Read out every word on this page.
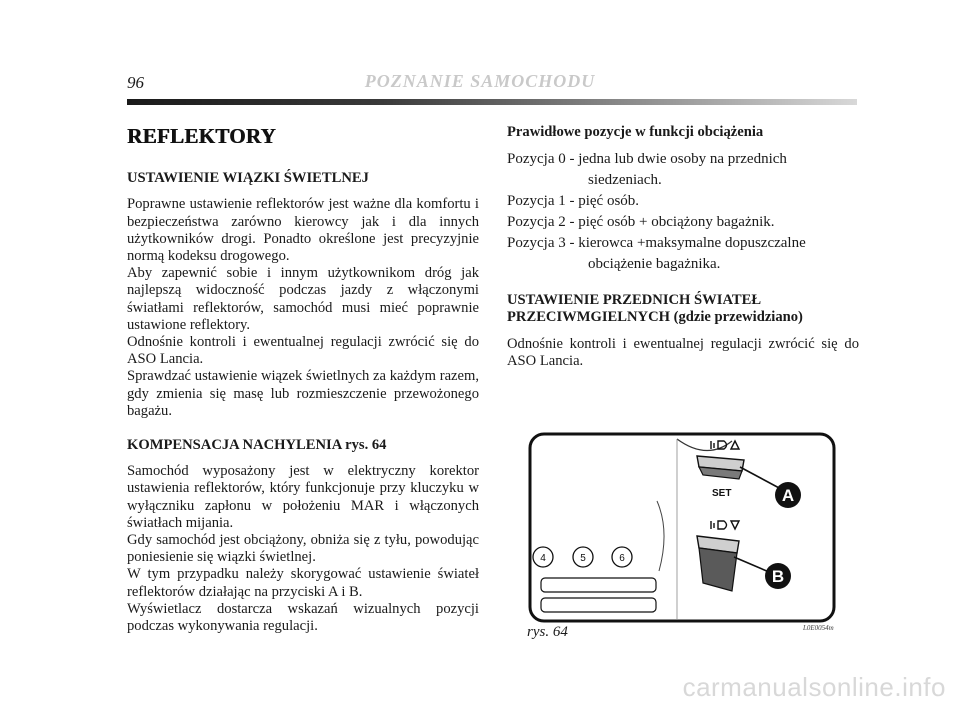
96	POZNANIE SAMOCHODU
REFLEKTORY
USTAWIENIE WIĄZKI ŚWIETLNEJ

Poprawne ustawienie reflektorów jest ważne dla komfortu i bezpieczeństwa zarówno kierowcy jak i dla innych użytkowników drogi. Ponadto określone jest precyzyjnie normą kodeksu drogowego.

Aby zapewnić sobie i innym użytkownikom dróg jak najlepszą widoczność podczas jazdy z włączonymi światłami reflektorów, samochód musi mieć poprawnie ustawione reflektory.

Odnośnie kontroli i ewentualnej regulacji zwrócić się do ASO Lancia.

Sprawdzać ustawienie wiązek świetlnych za każdym razem, gdy zmienia się masę lub rozmieszczenie przewożonego bagażu.

KOMPENSACJA NACHYLENIA rys. 64

Samochód wyposażony jest w elektryczny korektor ustawienia reflektorów, który funkcjonuje przy kluczyku w wyłączniku zapłonu w położeniu MAR i włączonych światłach mijania.

Gdy samochód jest obciążony, obniża się z tyłu, powodując poniesienie się wiązki świetlnej.

W tym przypadku należy skorygować ustawienie świateł reflektorów działając na przyciski A i B.

Wyświetlacz dostarcza wskazań wizualnych pozycji podczas wykonywania regulacji.

Prawidłowe pozycje w funkcji obciążenia
Pozycja 0 - jedna lub dwie osoby na przednich siedzeniach.
Pozycja 1 - pięć osób.
Pozycja 2 - pięć osób + obciążony bagażnik.
Pozycja 3 - kierowca +maksymalne dopuszczalne obciążenie bagażnika.
USTAWIENIE PRZEDNICH ŚWIATEŁ
PRZECIWMGIELNYCH (gdzie przewidziano)

Odnośnie kontroli i ewentualnej regulacji zwrócić się do ASO Lancia.

SET	A
B
4	5	6
rys. 64	L0E0054m
carmanualsonline.info
